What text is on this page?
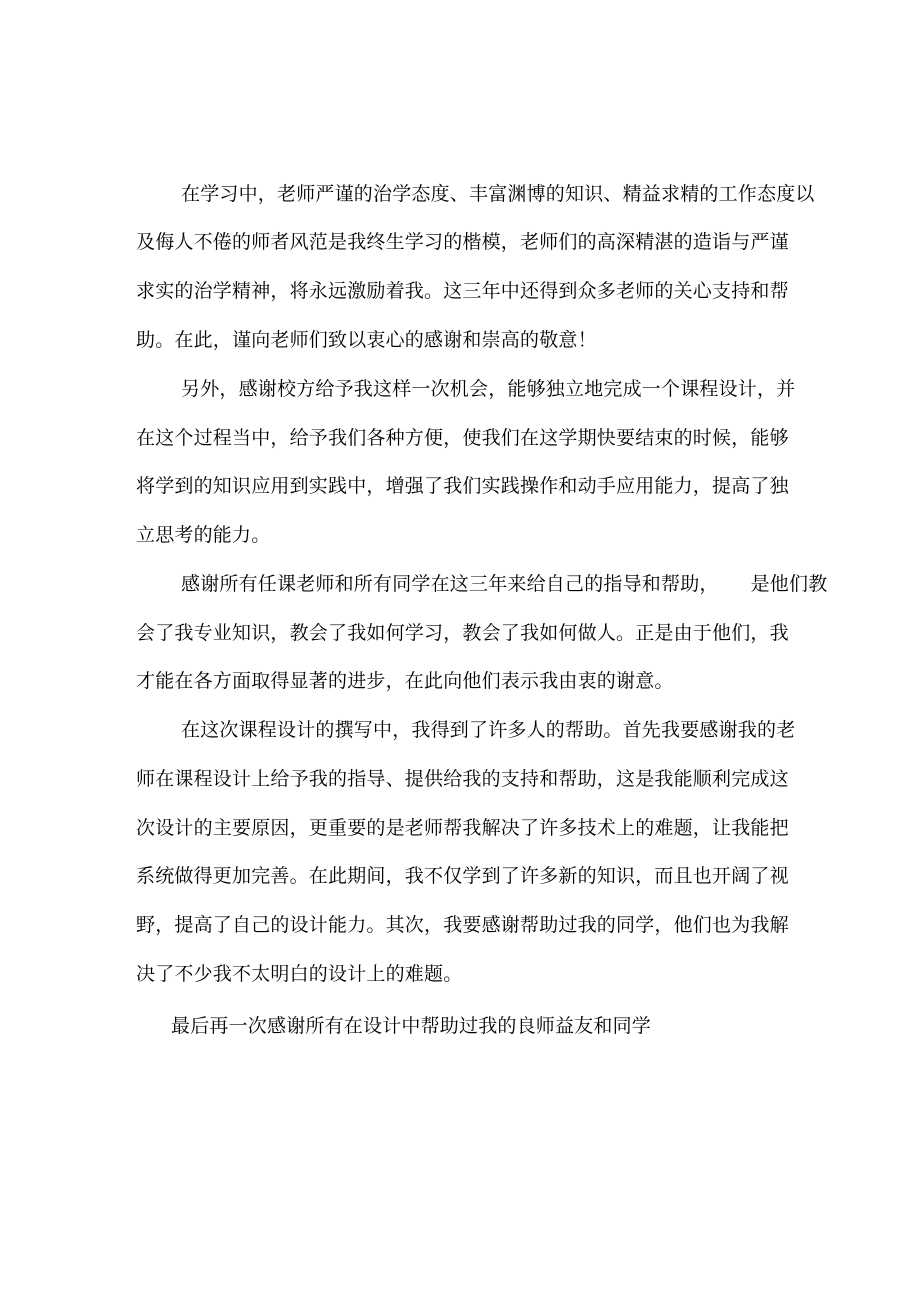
在学习中，老师严谨的治学态度、丰富渊博的知识、精益求精的工作态度以
及侮人不倦的师者风范是我终生学习的楷模，老师们的高深精湛的造诣与严谨
求实的治学精神，将永远激励着我。这三年中还得到众多老师的关心支持和帮
助。在此，谨向老师们致以衷心的感谢和崇高的敬意！
另外，感谢校方给予我这样一次机会，能够独立地完成一个课程设计，并
在这个过程当中，给予我们各种方便，使我们在这学期快要结束的时候，能够
将学到的知识应用到实践中，增强了我们实践操作和动手应用能力，提高了独
立思考的能力。
感谢所有任课老师和所有同学在这三年来给自己的指导和帮助， 是他们教
会了我专业知识，教会了我如何学习，教会了我如何做人。正是由于他们，我
才能在各方面取得显著的进步，在此向他们表示我由衷的谢意。
在这次课程设计的撰写中，我得到了许多人的帮助。首先我要感谢我的老
师在课程设计上给予我的指导、提供给我的支持和帮助，这是我能顺利完成这
次设计的主要原因，更重要的是老师帮我解决了许多技术上的难题，让我能把
系统做得更加完善。在此期间，我不仅学到了许多新的知识，而且也开阔了视
野，提高了自己的设计能力。其次，我要感谢帮助过我的同学，他们也为我解
决了不少我不太明白的设计上的难题。
最后再一次感谢所有在设计中帮助过我的良师益友和同学
